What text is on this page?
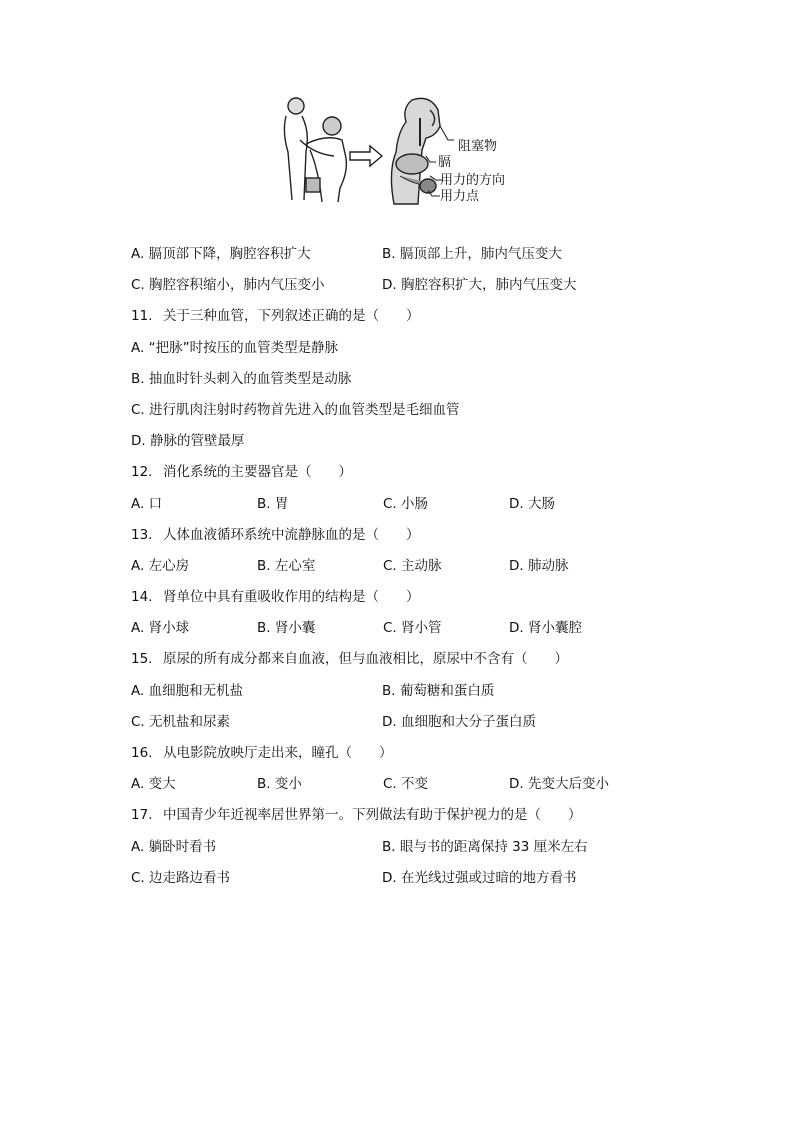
阻塞物
膈
用力的方向
用力点
A. 膈顶部下降，胸腔容积扩大	B. 膈顶部上升，肺内气压变大
C. 胸腔容积缩小，肺内气压变小	D. 胸腔容积扩大，肺内气压变大
11. 关于三种血管，下列叙述正确的是（　　）
A. “把脉”时按压的血管类型是静脉
B. 抽血时针头刺入的血管类型是动脉
C. 进行肌肉注射时药物首先进入的血管类型是毛细血管
D. 静脉的管壁最厚
12. 消化系统的主要器官是（　　）
A. 口	B. 胃	C. 小肠	D. 大肠
13. 人体血液循环系统中流静脉血的是（　　）
A. 左心房	B. 左心室	C. 主动脉	D. 肺动脉
14. 肾单位中具有重吸收作用的结构是（　　）
A. 肾小球	B. 肾小囊	C. 肾小管	D. 肾小囊腔
15. 原尿的所有成分都来自血液，但与血液相比，原尿中不含有（　　）
A. 血细胞和无机盐	B. 葡萄糖和蛋白质
C. 无机盐和尿素	D. 血细胞和大分子蛋白质
16. 从电影院放映厅走出来，瞳孔（　　）
A. 变大	B. 变小	C. 不变	D. 先变大后变小
17. 中国青少年近视率居世界第一。下列做法有助于保护视力的是（　　）
A. 躺卧时看书	B. 眼与书的距离保持 33 厘米左右
C. 边走路边看书	D. 在光线过强或过暗的地方看书
